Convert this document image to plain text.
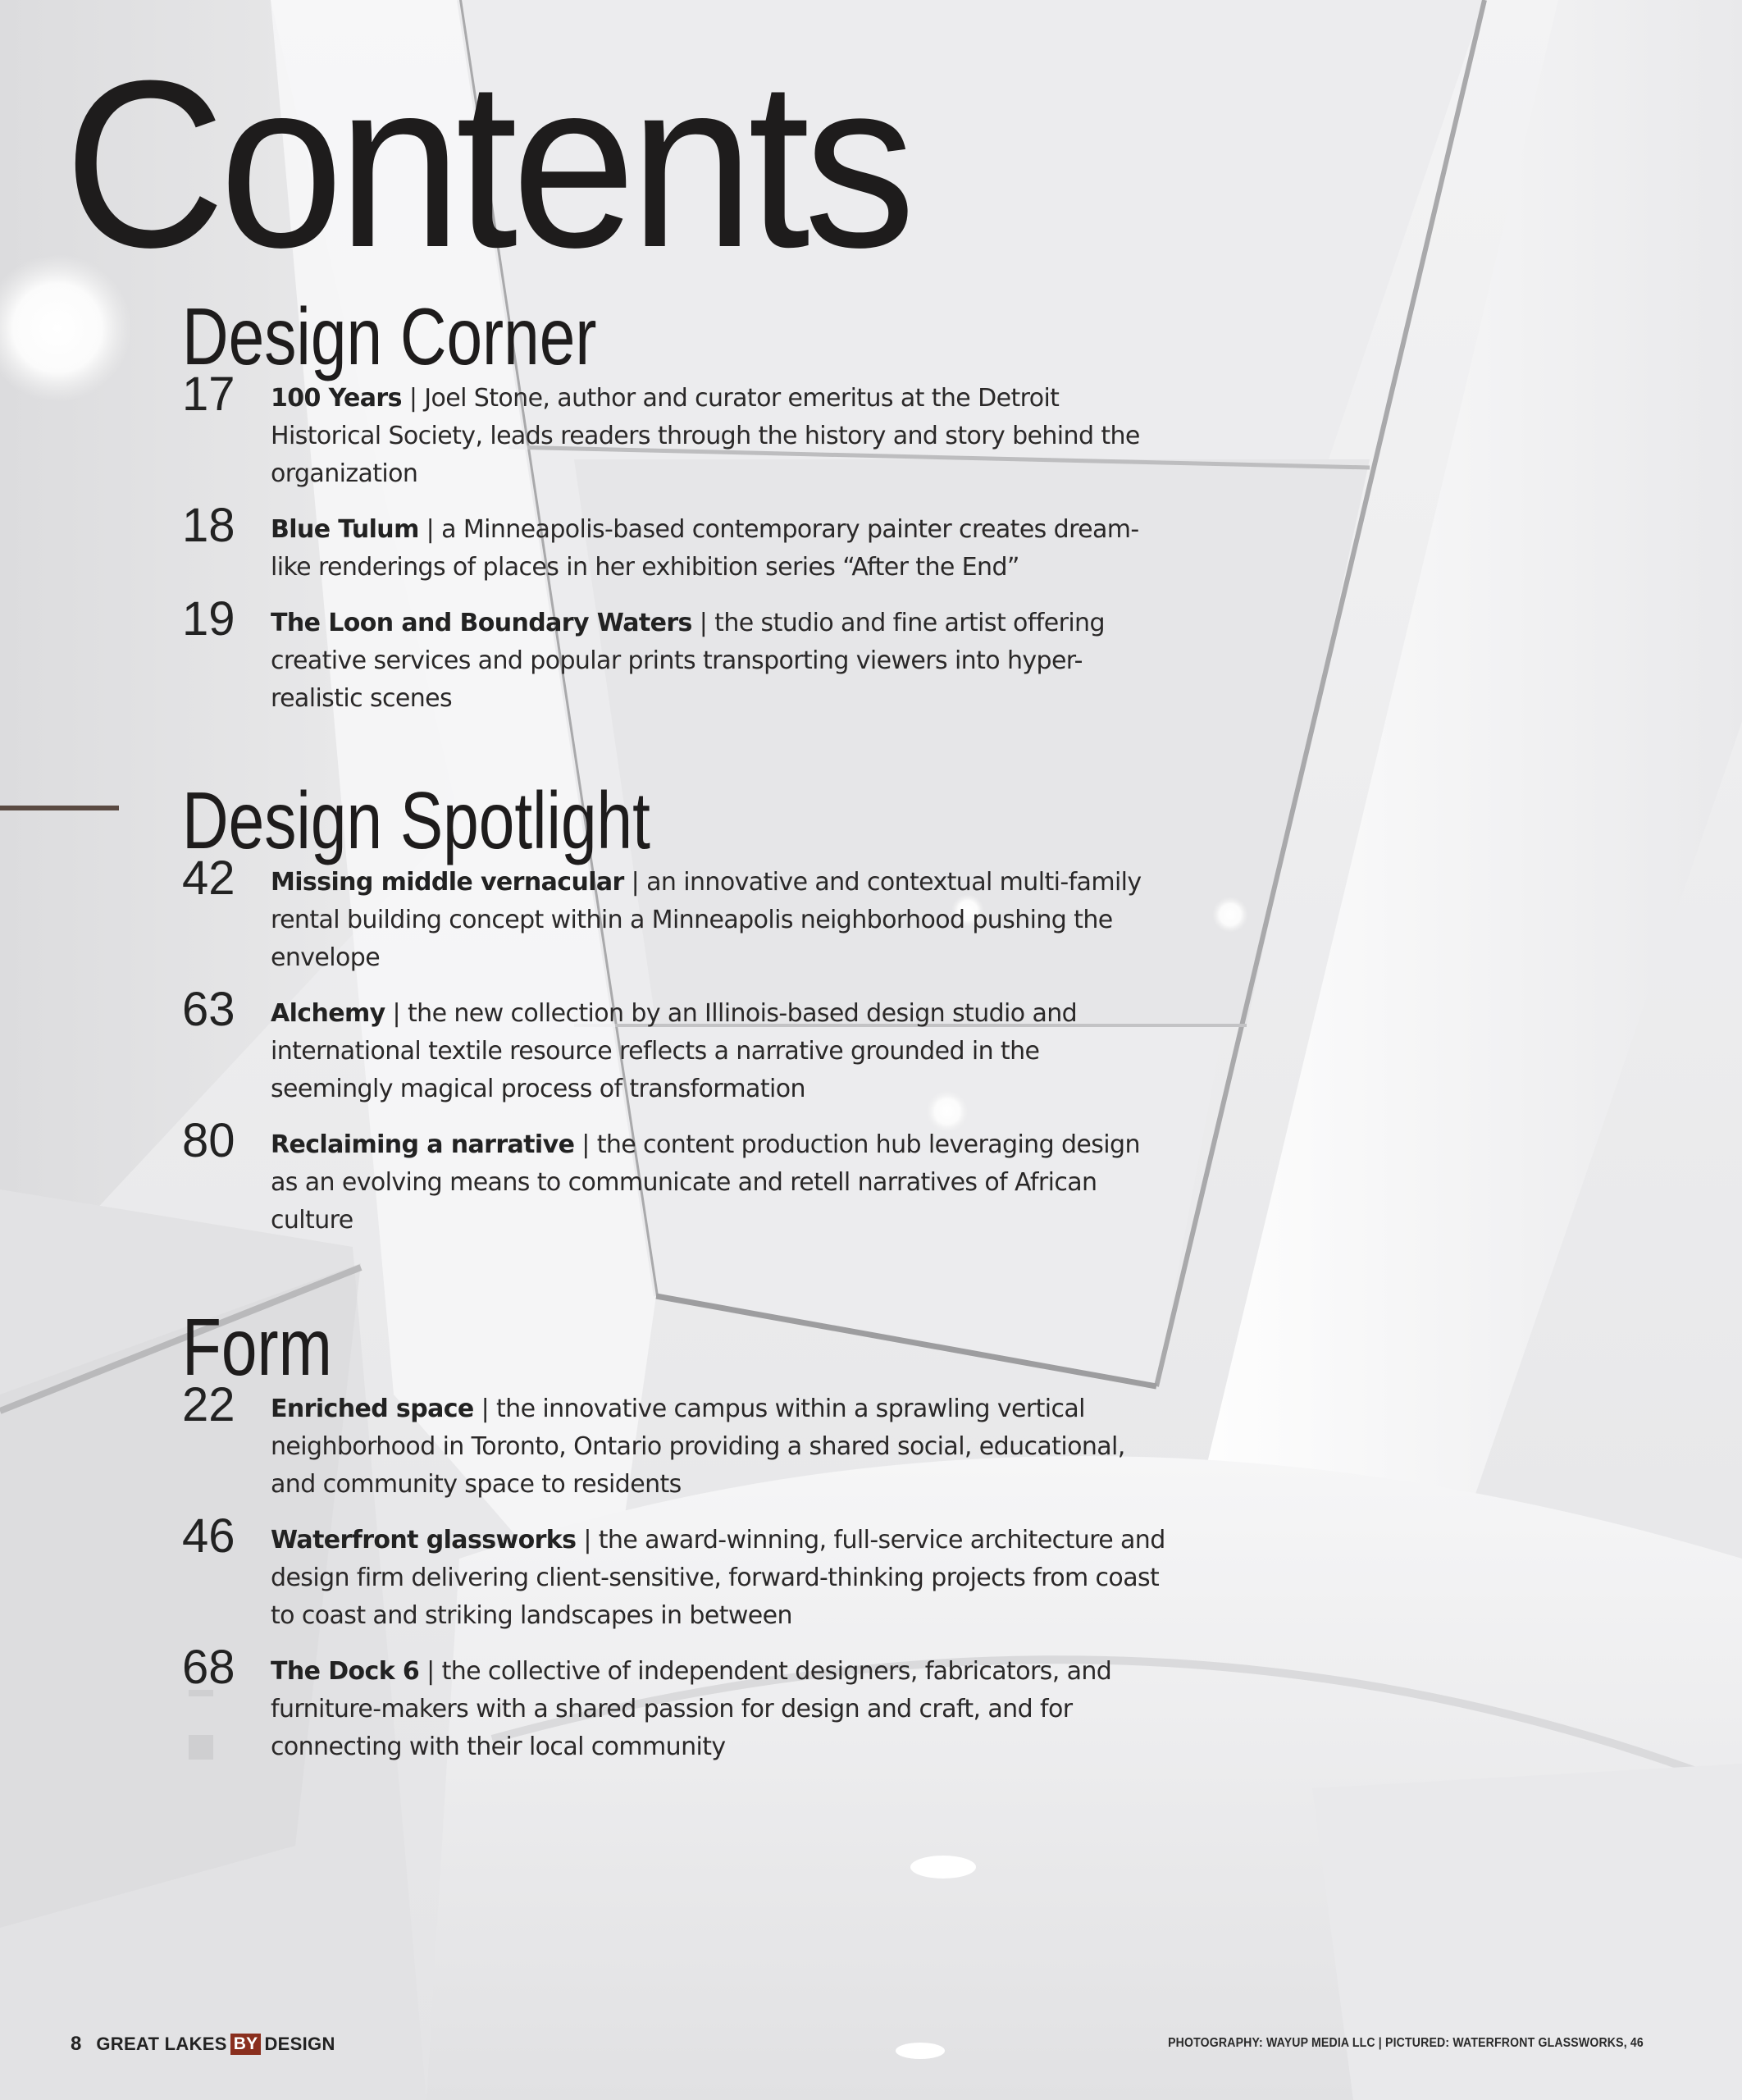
Contents
Design Corner
17 100 Years | Joel Stone, author and curator emeritus at the Detroit Historical Society, leads readers through the history and story behind the organization

18 Blue Tulum | a Minneapolis-based contemporary painter creates dream-like renderings of places in her exhibition series “After the End”

19 The Loon and Boundary Waters | the studio and fine artist offering creative services and popular prints transporting viewers into hyper-realistic scenes

Design Spotlight
42 Missing middle vernacular | an innovative and contextual multi-family rental building concept within a Minneapolis neighborhood pushing the envelope

63 Alchemy | the new collection by an Illinois-based design studio and international textile resource reflects a narrative grounded in the seemingly magical process of transformation

80 Reclaiming a narrative | the content production hub leveraging design as an evolving means to communicate and retell narratives of African culture

Form
22 Enriched space | the innovative campus within a sprawling vertical neighborhood in Toronto, Ontario providing a shared social, educational, and community space to residents

46 Waterfront glassworks | the award-winning, full-service architecture and design firm delivering client-sensitive, forward-thinking projects from coast to coast and striking landscapes in between

68 The Dock 6 | the collective of independent designers, fabricators, and furniture-makers with a shared passion for design and craft, and for connecting with their local community

8 GREAT LAKES BY DESIGN	PHOTOGRAPHY: WAYUP MEDIA LLC | PICTURED: WATERFRONT GLASSWORKS, 46
